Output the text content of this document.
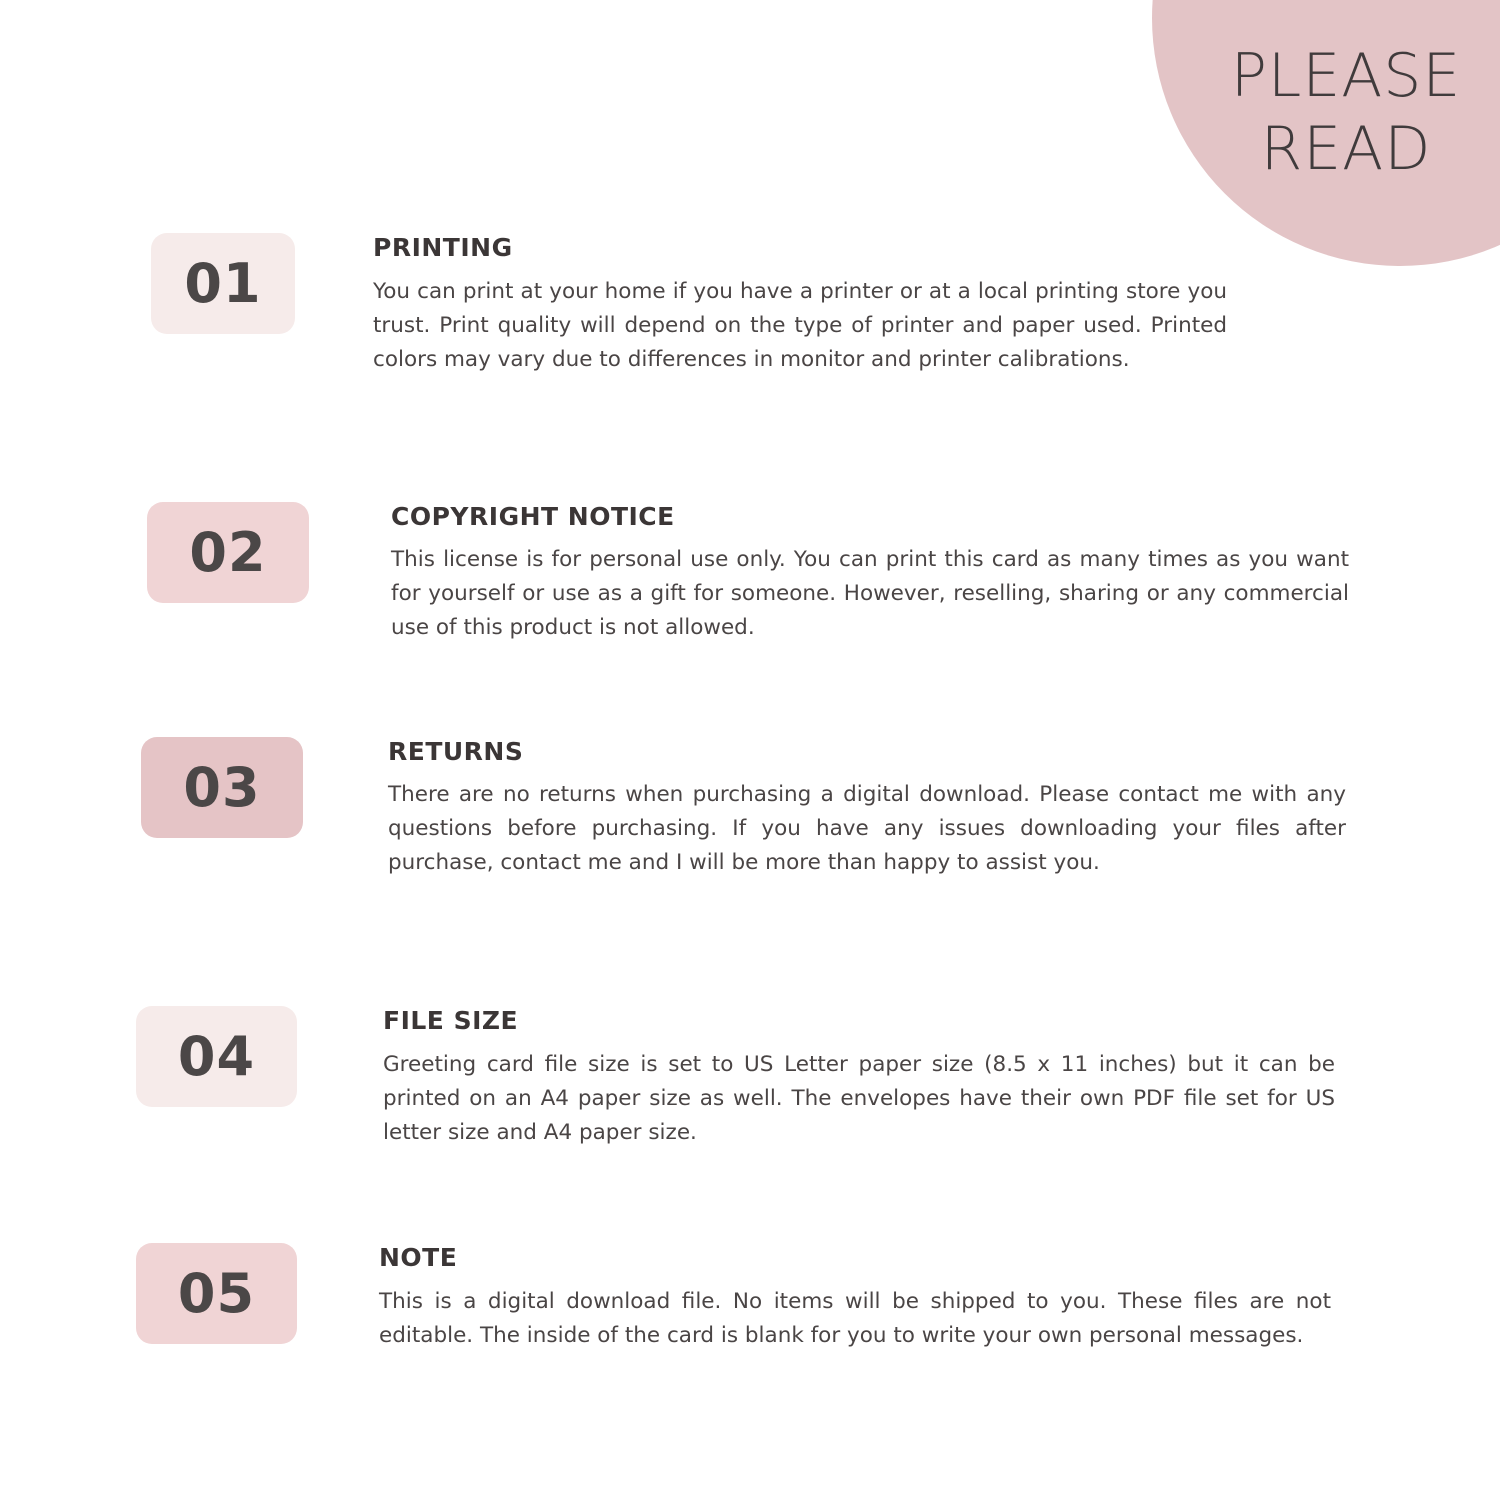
PLEASE
READ
01
PRINTING

You can print at your home if you have a printer or at a local printing store you trust. Print quality will depend on the type of printer and paper used. Printed colors may vary due to differences in monitor and printer calibrations.

02
COPYRIGHT NOTICE

This license is for personal use only. You can print this card as many times as you want for yourself or use as a gift for someone. However, reselling, sharing or any commercial use of this product is not allowed.

03
RETURNS

There are no returns when purchasing a digital download. Please contact me with any questions before purchasing. If you have any issues downloading your files after purchase, contact me and I will be more than happy to assist you.

04
FILE SIZE

Greeting card file size is set to US Letter paper size (8.5 x 11 inches) but it can be printed on an A4 paper size as well. The envelopes have their own PDF file set for US letter size and A4 paper size.

05
NOTE

This is a digital download file. No items will be shipped to you. These files are not editable. The inside of the card is blank for you to write your own personal messages.
